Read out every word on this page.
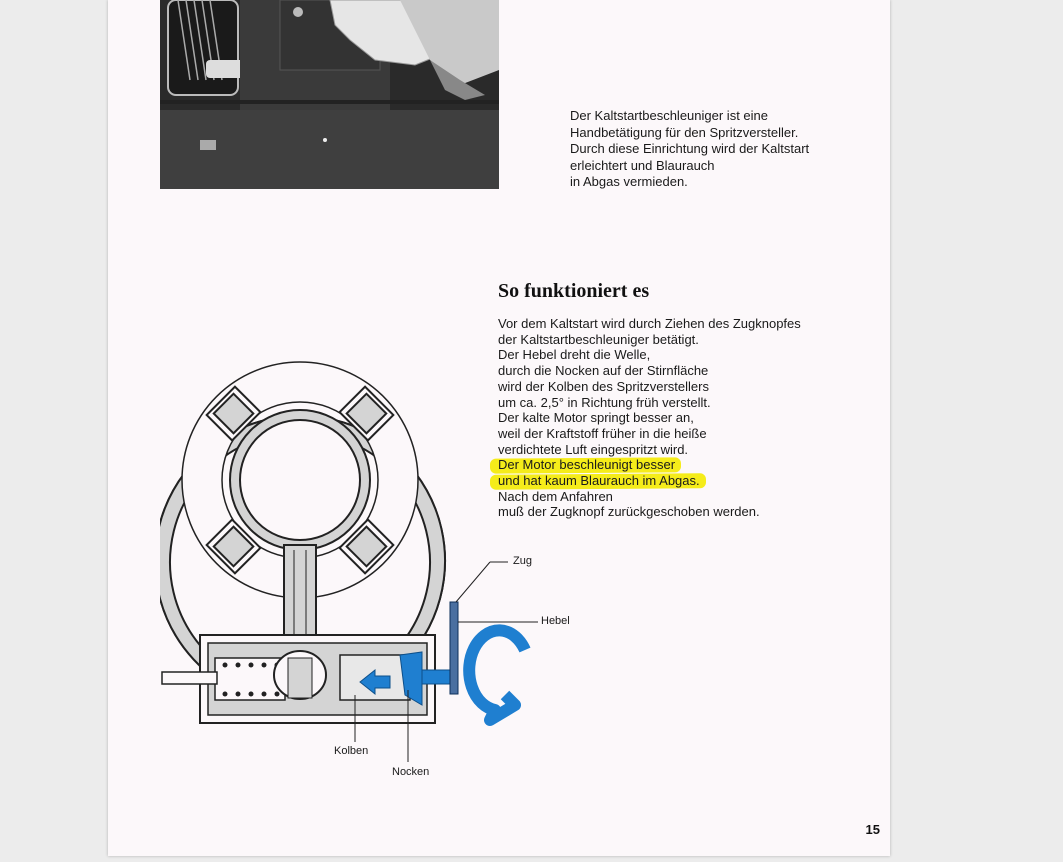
Der Kaltstartbeschleuniger ist eine
Handbetätigung für den Spritzversteller.
Durch diese Einrichtung wird der Kaltstart
erleichtert und Blaurauch
in Abgas vermieden.

So funktioniert es

Vor dem Kaltstart wird durch Ziehen des Zugknopfes
der Kaltstartbeschleuniger betätigt.
Der Hebel dreht die Welle,
durch die Nocken auf der Stirnfläche
wird der Kolben des Spritzverstellers
um ca. 2,5° in Richtung früh verstellt.
Der kalte Motor springt besser an,
weil der Kraftstoff früher in die heiße
verdichtete Luft eingespritzt wird.
Der Motor beschleunigt besser
und hat kaum Blaurauch im Abgas.
Nach dem Anfahren
muß der Zugknopf zurückgeschoben werden.

Zug
Hebel
Kolben
Nocken
15
